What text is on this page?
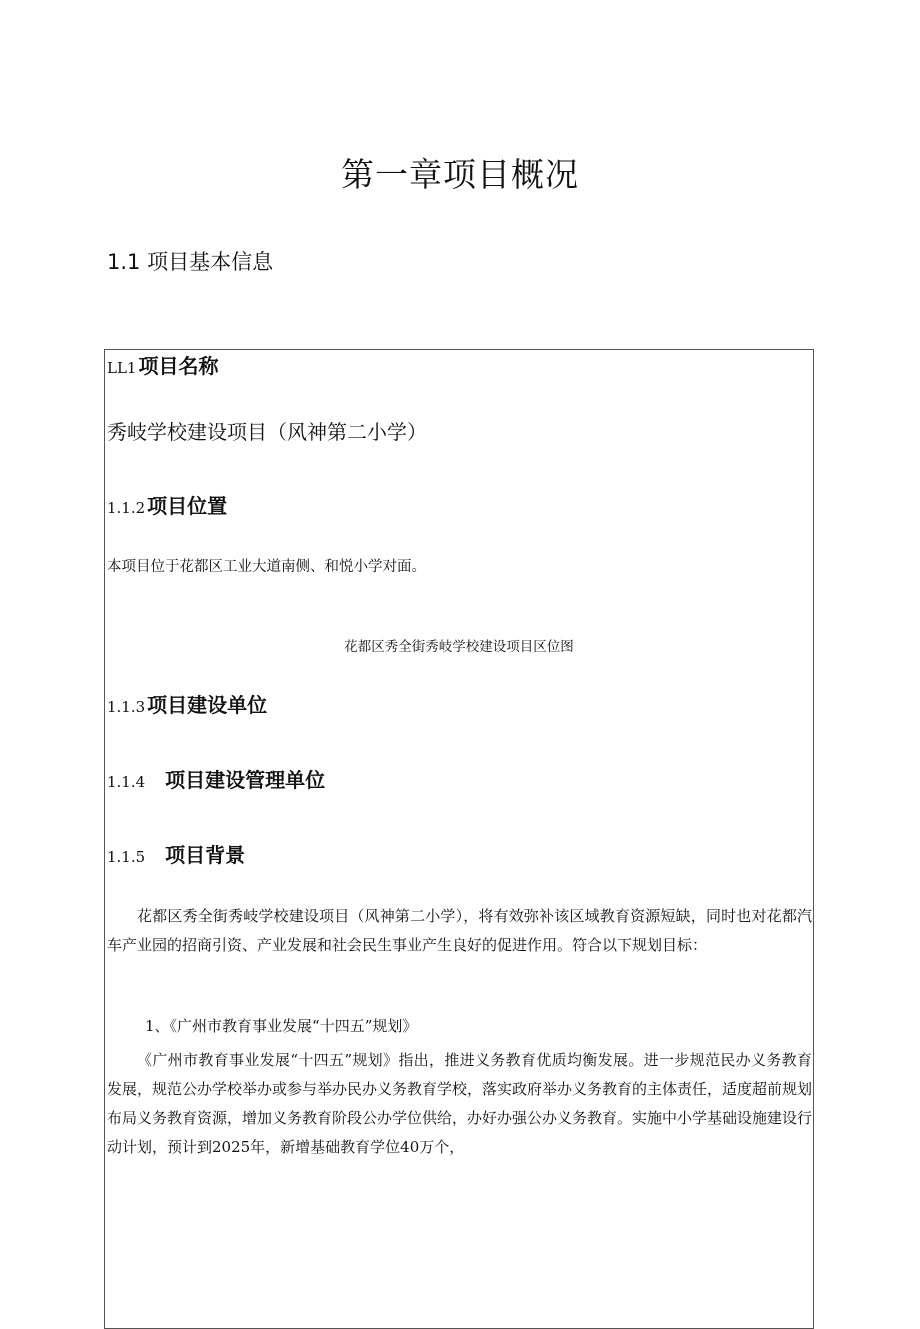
第一章项目概况
1.1 项目基本信息
LL1 项目名称

秀岐学校建设项目（风神第二小学）

1.1.2 项目位置

本项目位于花都区工业大道南侧、和悦小学对面。

花都区秀全街秀岐学校建设项目区位图

1.1.3 项目建设单位
1.1.4 项目建设管理单位
1.1.5 项目背景

花都区秀全街秀岐学校建设项目（风神第二小学），将有效弥补该区域教育资源短缺，同时也对花都汽车产业园的招商引资、产业发展和社会民生事业产生良好的促进作用。符合以下规划目标：

1、《广州市教育事业发展“十四五”规划》

《广州市教育事业发展“十四五”规划》指出，推进义务教育优质均衡发展。进一步规范民办义务教育发展，规范公办学校举办或参与举办民办义务教育学校，落实政府举办义务教育的主体责任，适度超前规划布局义务教育资源，增加义务教育阶段公办学位供给，办好办强公办义务教育。实施中小学基础设施建设行动计划，预计到2025年，新增基础教育学位40万个，
